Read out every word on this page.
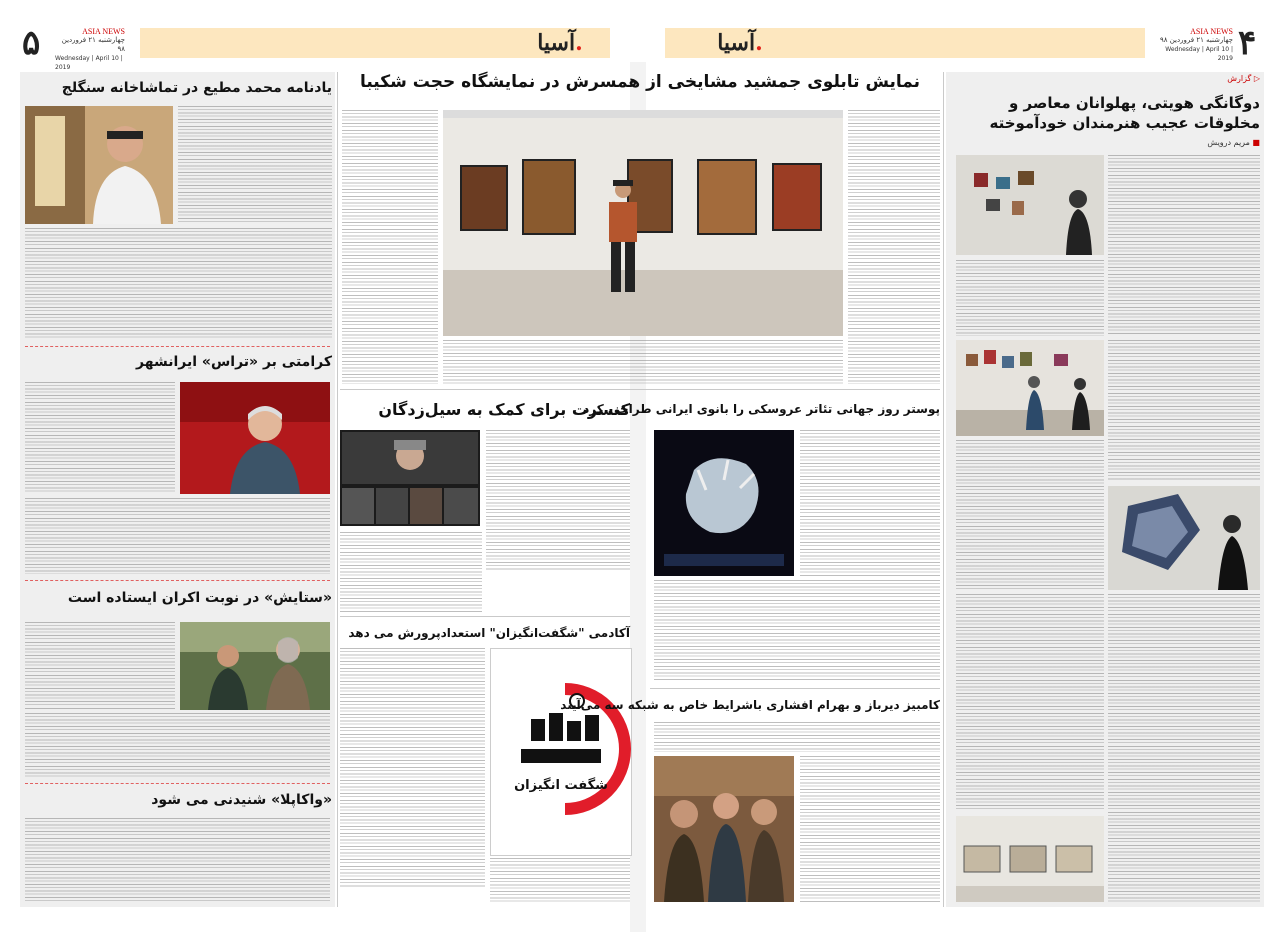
۵	ASIA NEWS
چهارشنبه ۲۱ فروردین ۹۸
Wednesday | April 10 | 2019
آسیا.	آسیا.	ASIA NEWS
چهارشنبه ۲۱ فروردین ۹۸
Wednesday | April 10 | 2019 ۴
یادنامه محمد مطیع در تماشاخانه سنگلج
کرامتی بر «تراس» ایرانشهر
«ستایش» در نوبت اکران ایستاده است
«واکاپلا» شنیدنی می شود
نمایش تابلوی جمشید مشایخی از همسرش در نمایشگاه حجت شکیبا
کنسرت برای کمک به سیل‌زدگان
آکادمی "شگفت‌انگیزان" استعدادپرورش می دهد
شگفت انگیزان
پوستر روز جهانی تئاتر عروسکی را بانوی ایرانی طراحی کرد
کامبیز دیرباز و بهرام افشاری باشرایط خاص به شبکه سه می‌آیند
▷ گزارش
دوگانگی هویتی، پهلوانان معاصر و
مخلوقات عجیب هنرمندان خودآموخته
■ مریم درویش
